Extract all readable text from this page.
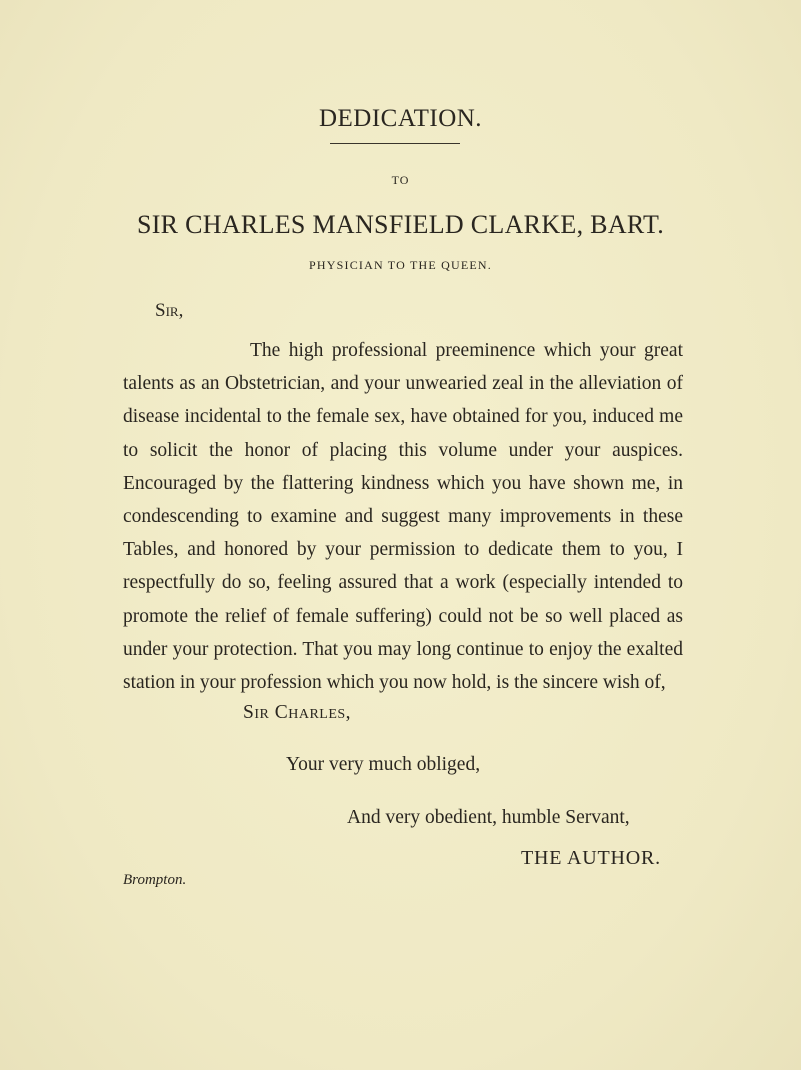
DEDICATION.
TO
SIR CHARLES MANSFIELD CLARKE, BART.
PHYSICIAN TO THE QUEEN.
Sir,

The high professional preeminence which your great talents as an Obstetrician, and your unwearied zeal in the alleviation of disease incidental to the female sex, have obtained for you, induced me to solicit the honor of placing this volume under your auspices. Encouraged by the flattering kindness which you have shown me, in condescending to examine and suggest many improvements in these Tables, and honored by your permission to dedicate them to you, I respectfully do so, feeling assured that a work (especially intended to promote the relief of female suffering) could not be so well placed as under your protection. That you may long continue to enjoy the exalted station in your profession which you now hold, is the sincere wish of,

Sir Charles,
Your very much obliged,
And very obedient, humble Servant,
THE AUTHOR.
Brompton.
